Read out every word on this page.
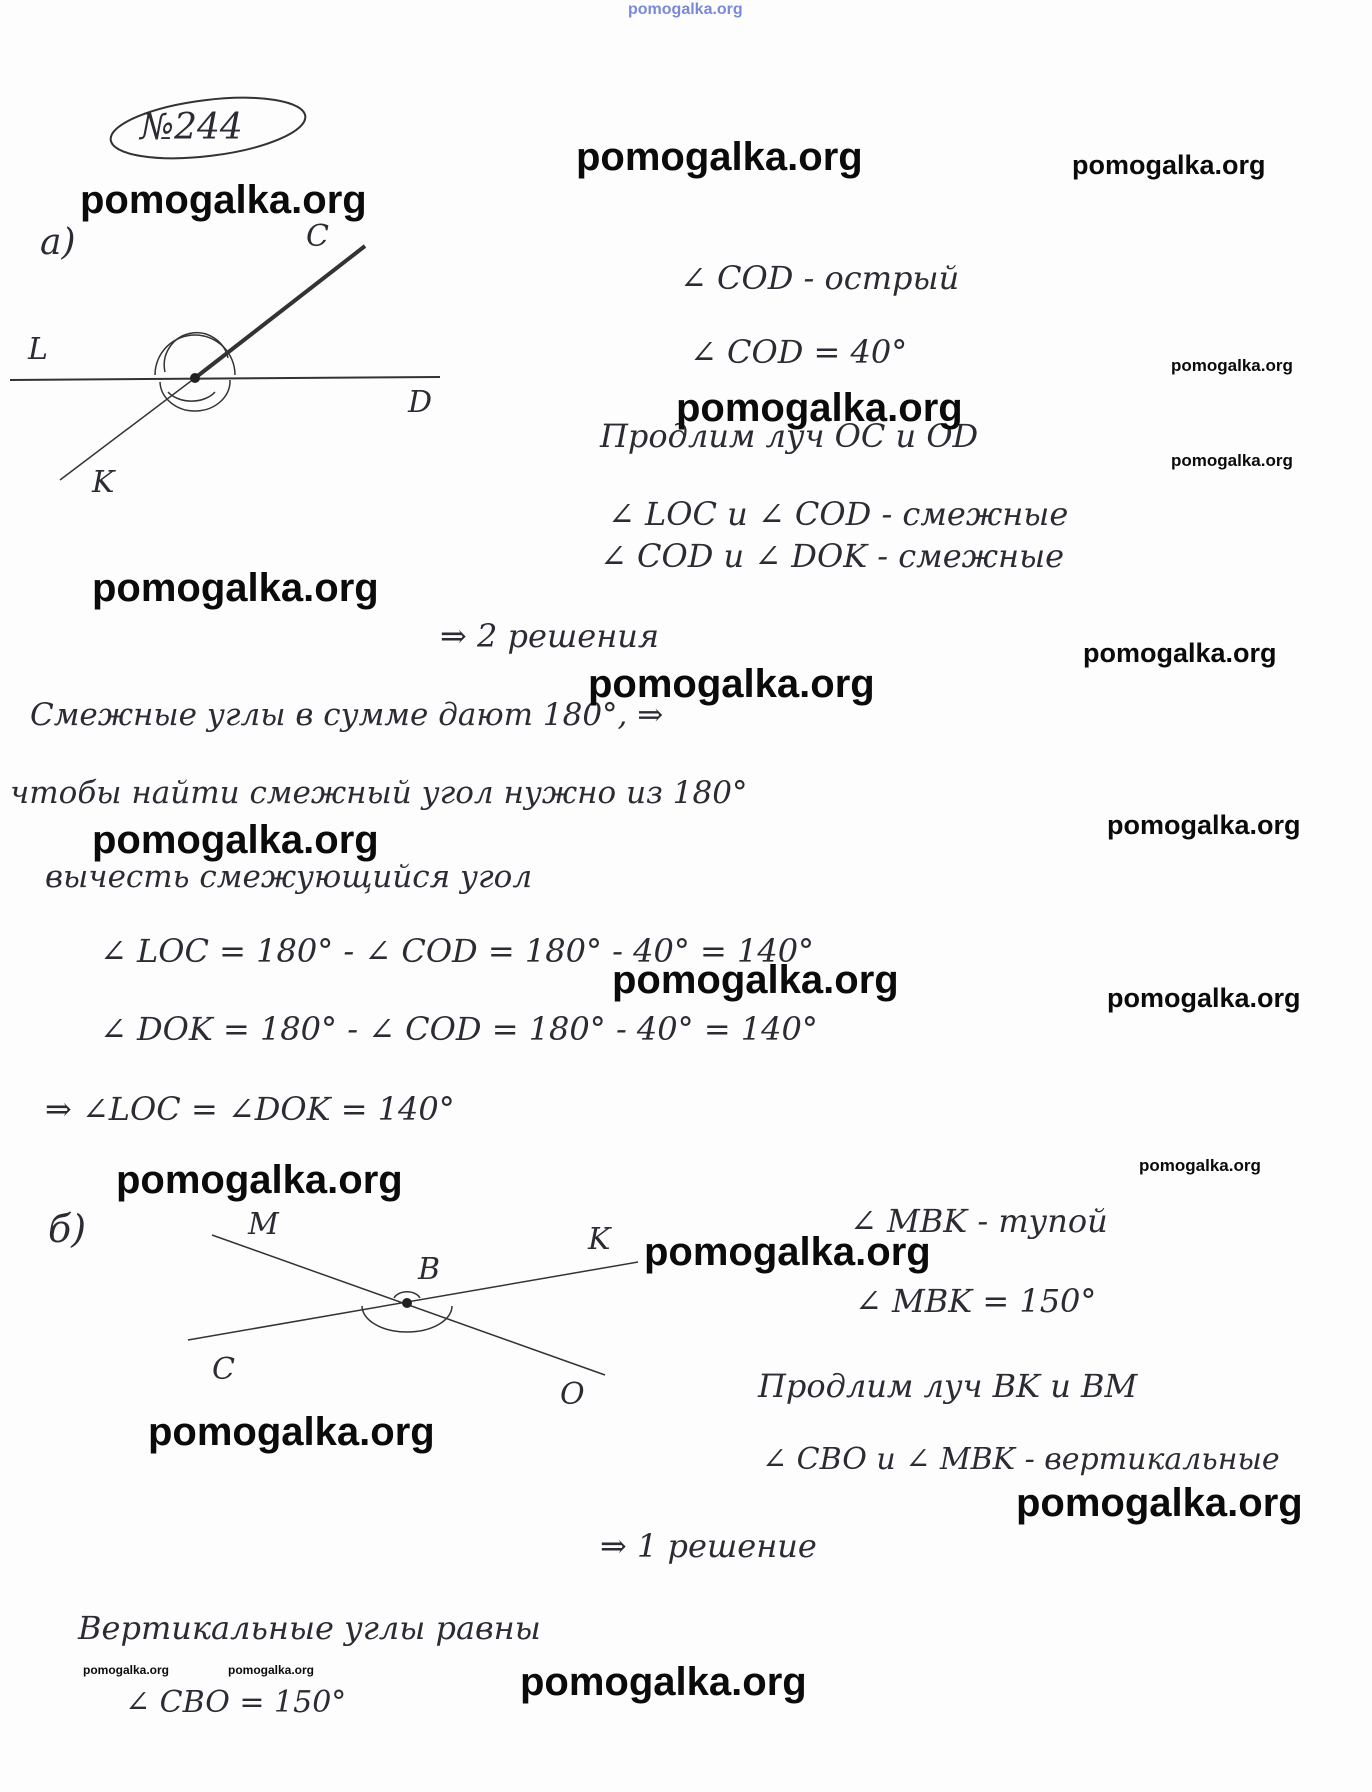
pomogalka.org
№244
а)	C
L
D
K
∠ COD - острый
∠ COD = 40°
Продлим луч OC и OD
∠ LOC и ∠ COD - смежные
∠ COD и ∠ DOK - смежные
⇒ 2 решения
Смежные углы в сумме дают 180°, ⇒
чтобы найти смежный угол нужно из 180°
вычесть смежующийся угол
∠ LOC = 180° - ∠ COD = 180° - 40° = 140°
∠ DOK = 180° - ∠ COD = 180° - 40° = 140°
⇒ ∠LOC = ∠DOK = 140°
б)	M	K
B
C
O
∠ MBK - тупой
∠ MBK = 150°
Продлим луч BK и BM
∠ CBO и ∠ MBK - вертикальные
⇒ 1 решение
Вертикальные углы равны
∠ CBO = 150°
pomogalka.org	pomogalka.org
pomogalka.org
pomogalka.org
pomogalka.org
pomogalka.org
pomogalka.org
pomogalka.org
pomogalka.org
pomogalka.org
pomogalka.org
pomogalka.org	pomogalka.org
pomogalka.org
pomogalka.org
pomogalka.org
pomogalka.org
pomogalka.org
pomogalka.org	pomogalka.org	pomogalka.org
